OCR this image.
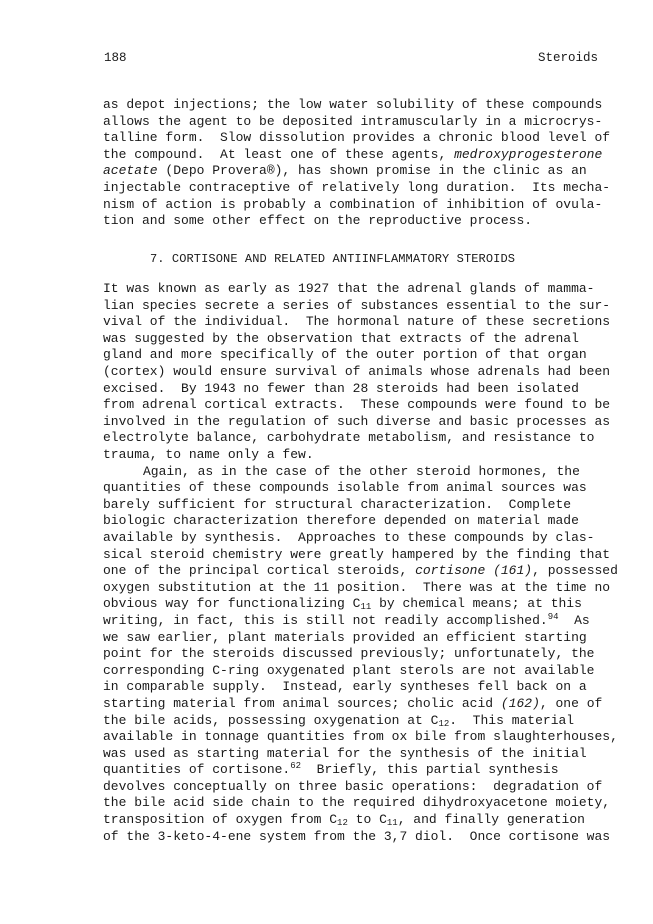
188	Steroids
as depot injections; the low water solubility of these compounds
allows the agent to be deposited intramuscularly in a microcrys-
talline form.  Slow dissolution provides a chronic blood level of
the compound.  At least one of these agents, medroxyprogesterone
acetate (Depo Provera®), has shown promise in the clinic as an
injectable contraceptive of relatively long duration.  Its mecha-
nism of action is probably a combination of inhibition of ovula-
tion and some other effect on the reproductive process.
7. CORTISONE AND RELATED ANTIINFLAMMATORY STEROIDS
It was known as early as 1927 that the adrenal glands of mamma-
lian species secrete a series of substances essential to the sur-
vival of the individual.  The hormonal nature of these secretions
was suggested by the observation that extracts of the adrenal
gland and more specifically of the outer portion of that organ
(cortex) would ensure survival of animals whose adrenals had been
excised.  By 1943 no fewer than 28 steroids had been isolated
from adrenal cortical extracts.  These compounds were found to be
involved in the regulation of such diverse and basic processes as
electrolyte balance, carbohydrate metabolism, and resistance to
trauma, to name only a few.
Again, as in the case of the other steroid hormones, the
quantities of these compounds isolable from animal sources was
barely sufficient for structural characterization.  Complete
biologic characterization therefore depended on material made
available by synthesis.  Approaches to these compounds by clas-
sical steroid chemistry were greatly hampered by the finding that
one of the principal cortical steroids, cortisone (161), possessed
oxygen substitution at the 11 position.  There was at the time no
obvious way for functionalizing $C_{11}$ by chemical means; at this
writing, in fact, this is still not readily accomplished.$^{94}$  As
we saw earlier, plant materials provided an efficient starting
point for the steroids discussed previously; unfortunately, the
corresponding C-ring oxygenated plant sterols are not available
in comparable supply.  Instead, early syntheses fell back on a
starting material from animal sources; cholic acid (162), one of
the bile acids, possessing oxygenation at $C_{12}$.  This material
available in tonnage quantities from ox bile from slaughterhouses,
was used as starting material for the synthesis of the initial
quantities of cortisone.$^{62}$  Briefly, this partial synthesis
devolves conceptually on three basic operations:  degradation of
the bile acid side chain to the required dihydroxyacetone moiety,
transposition of oxygen from $C_{12}$ to $C_{11}$, and finally generation
of the 3-keto-4-ene system from the 3,7 diol.  Once cortisone was
